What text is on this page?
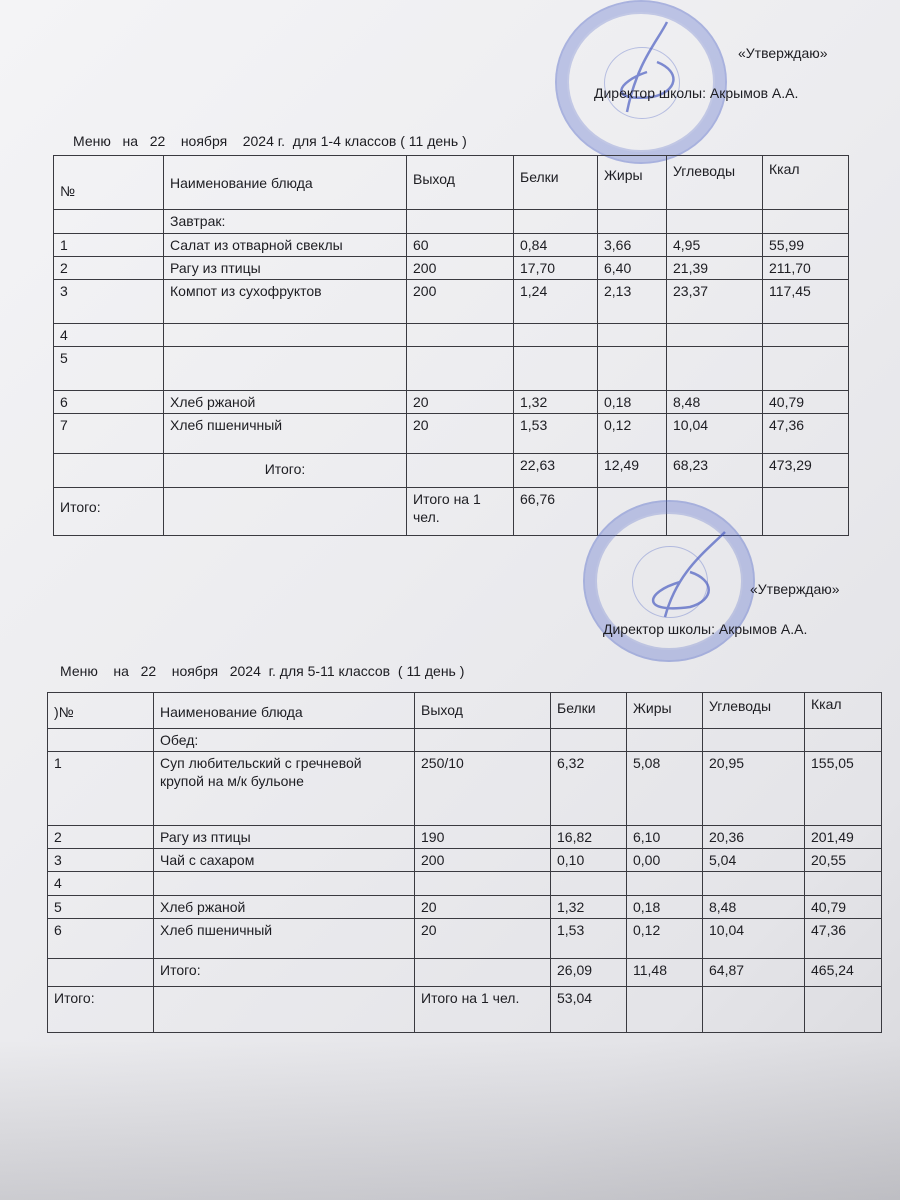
«Утверждаю»
Директор школы: Акрымов А.А.
Меню   на   22    ноября    2024 г.  для 1-4 классов ( 11 день )
№	Наименование блюда	Выход	Белки	Жиры	Углеводы	Ккал
	Завтрак:					
1	Салат из отварной свеклы	60	0,84	3,66	4,95	55,99
2	Рагу из птицы	200	17,70	6,40	21,39	211,70
3	Компот из сухофруктов	200	1,24	2,13	23,37	117,45
4						
5						
6	Хлеб ржаной	20	1,32	0,18	8,48	40,79
7	Хлеб пшеничный	20	1,53	0,12	10,04	47,36
	Итого:		22,63	12,49	68,23	473,29
Итого:		Итого на 1 чел.	66,76			
«Утверждаю»
Директор школы: Акрымов А.А.
Меню    на   22    ноября   2024  г. для 5-11 классов  ( 11 день )
)№	Наименование блюда	Выход	Белки	Жиры	Углеводы	Ккал
	Обед:					
1	Суп любительский с гречневой крупой на м/к бульоне	250/10	6,32	5,08	20,95	155,05
2	Рагу из птицы	190	16,82	6,10	20,36	201,49
3	Чай с сахаром	200	0,10	0,00	5,04	20,55
4						
5	Хлеб ржаной	20	1,32	0,18	8,48	40,79
6	Хлеб пшеничный	20	1,53	0,12	10,04	47,36
	Итого:		26,09	11,48	64,87	465,24
Итого:		Итого на 1 чел.	53,04			
